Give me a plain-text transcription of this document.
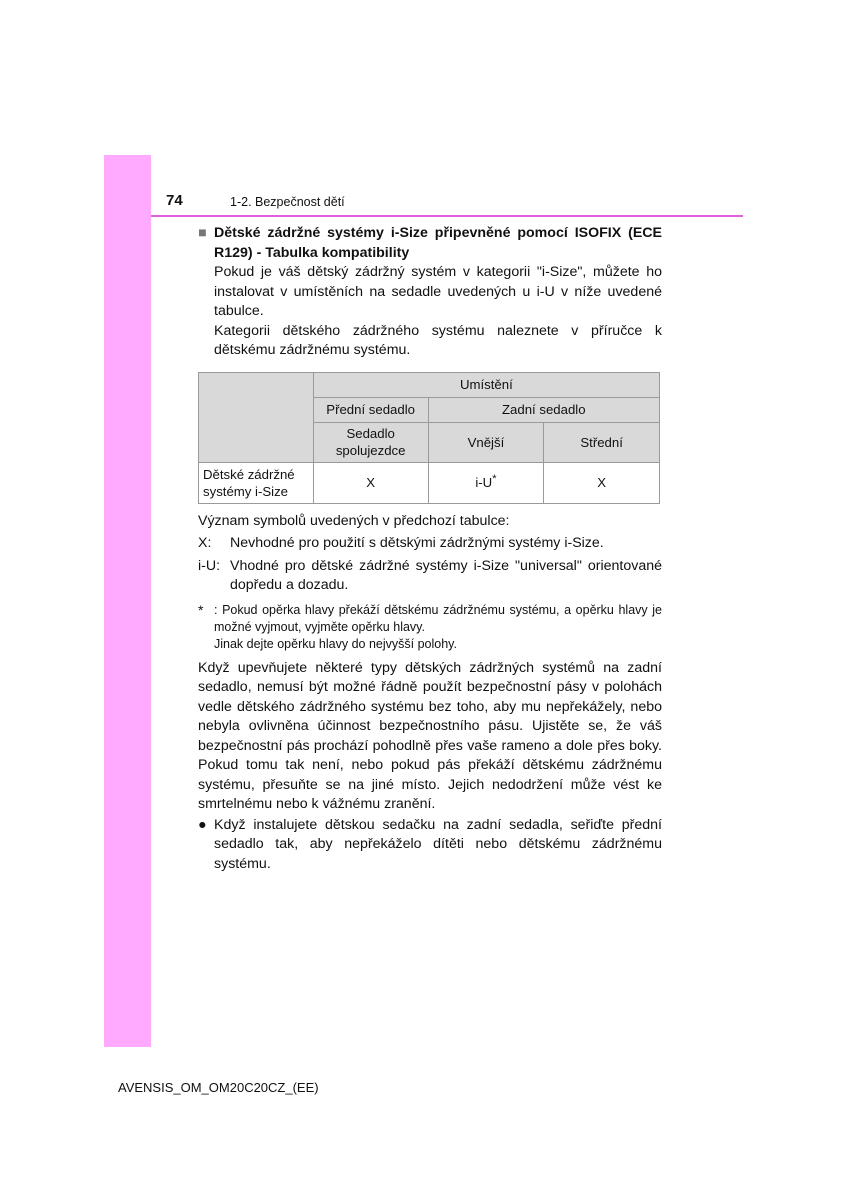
74	1-2. Bezpečnost dětí
■ Dětské zádržné systémy i-Size připevněné pomocí ISOFIX (ECE R129) - Tabulka kompatibility

Pokud je váš dětský zádržný systém v kategorii "i-Size", můžete ho instalovat v umístěních na sedadle uvedených u i-U v níže uvedené tabulce.

Kategorii dětského zádržného systému naleznete v příručce k dětskému zádržnému systému.

	Umístění		
	Přední sedadlo	Zadní sedadlo	
	Sedadlo spolujezdce	Vnější	Střední
Dětské zádržné systémy i-Size	X	i-U*	X

Význam symbolů uvedených v předchozí tabulce:

X:	Nevhodné pro použití s dětskými zádržnými systémy i-Size.
i-U: Vhodné pro dětské zádržné systémy i-Size "universal" orientované dopředu a dozadu.
* : Pokud opěrka hlavy překáží dětskému zádržnému systému, a opěrku hlavy je možné vyjmout, vyjměte opěrku hlavy.
Jinak dejte opěrku hlavy do nejvyšší polohy.

Když upevňujete některé typy dětských zádržných systémů na zadní sedadlo, nemusí být možné řádně použít bezpečnostní pásy v polohách vedle dětského zádržného systému bez toho, aby mu nepřekážely, nebo nebyla ovlivněna účinnost bezpečnostního pásu. Ujistěte se, že váš bezpečnostní pás prochází pohodlně přes vaše rameno a dole přes boky. Pokud tomu tak není, nebo pokud pás překáží dětskému zádržnému systému, přesuňte se na jiné místo. Jejich nedodržení může vést ke smrtelnému nebo k vážnému zranění.

● Když instalujete dětskou sedačku na zadní sedadla, seřiďte přední sedadlo tak, aby nepřekáželo dítěti nebo dětskému zádržnému systému.
AVENSIS_OM_OM20C20CZ_(EE)
